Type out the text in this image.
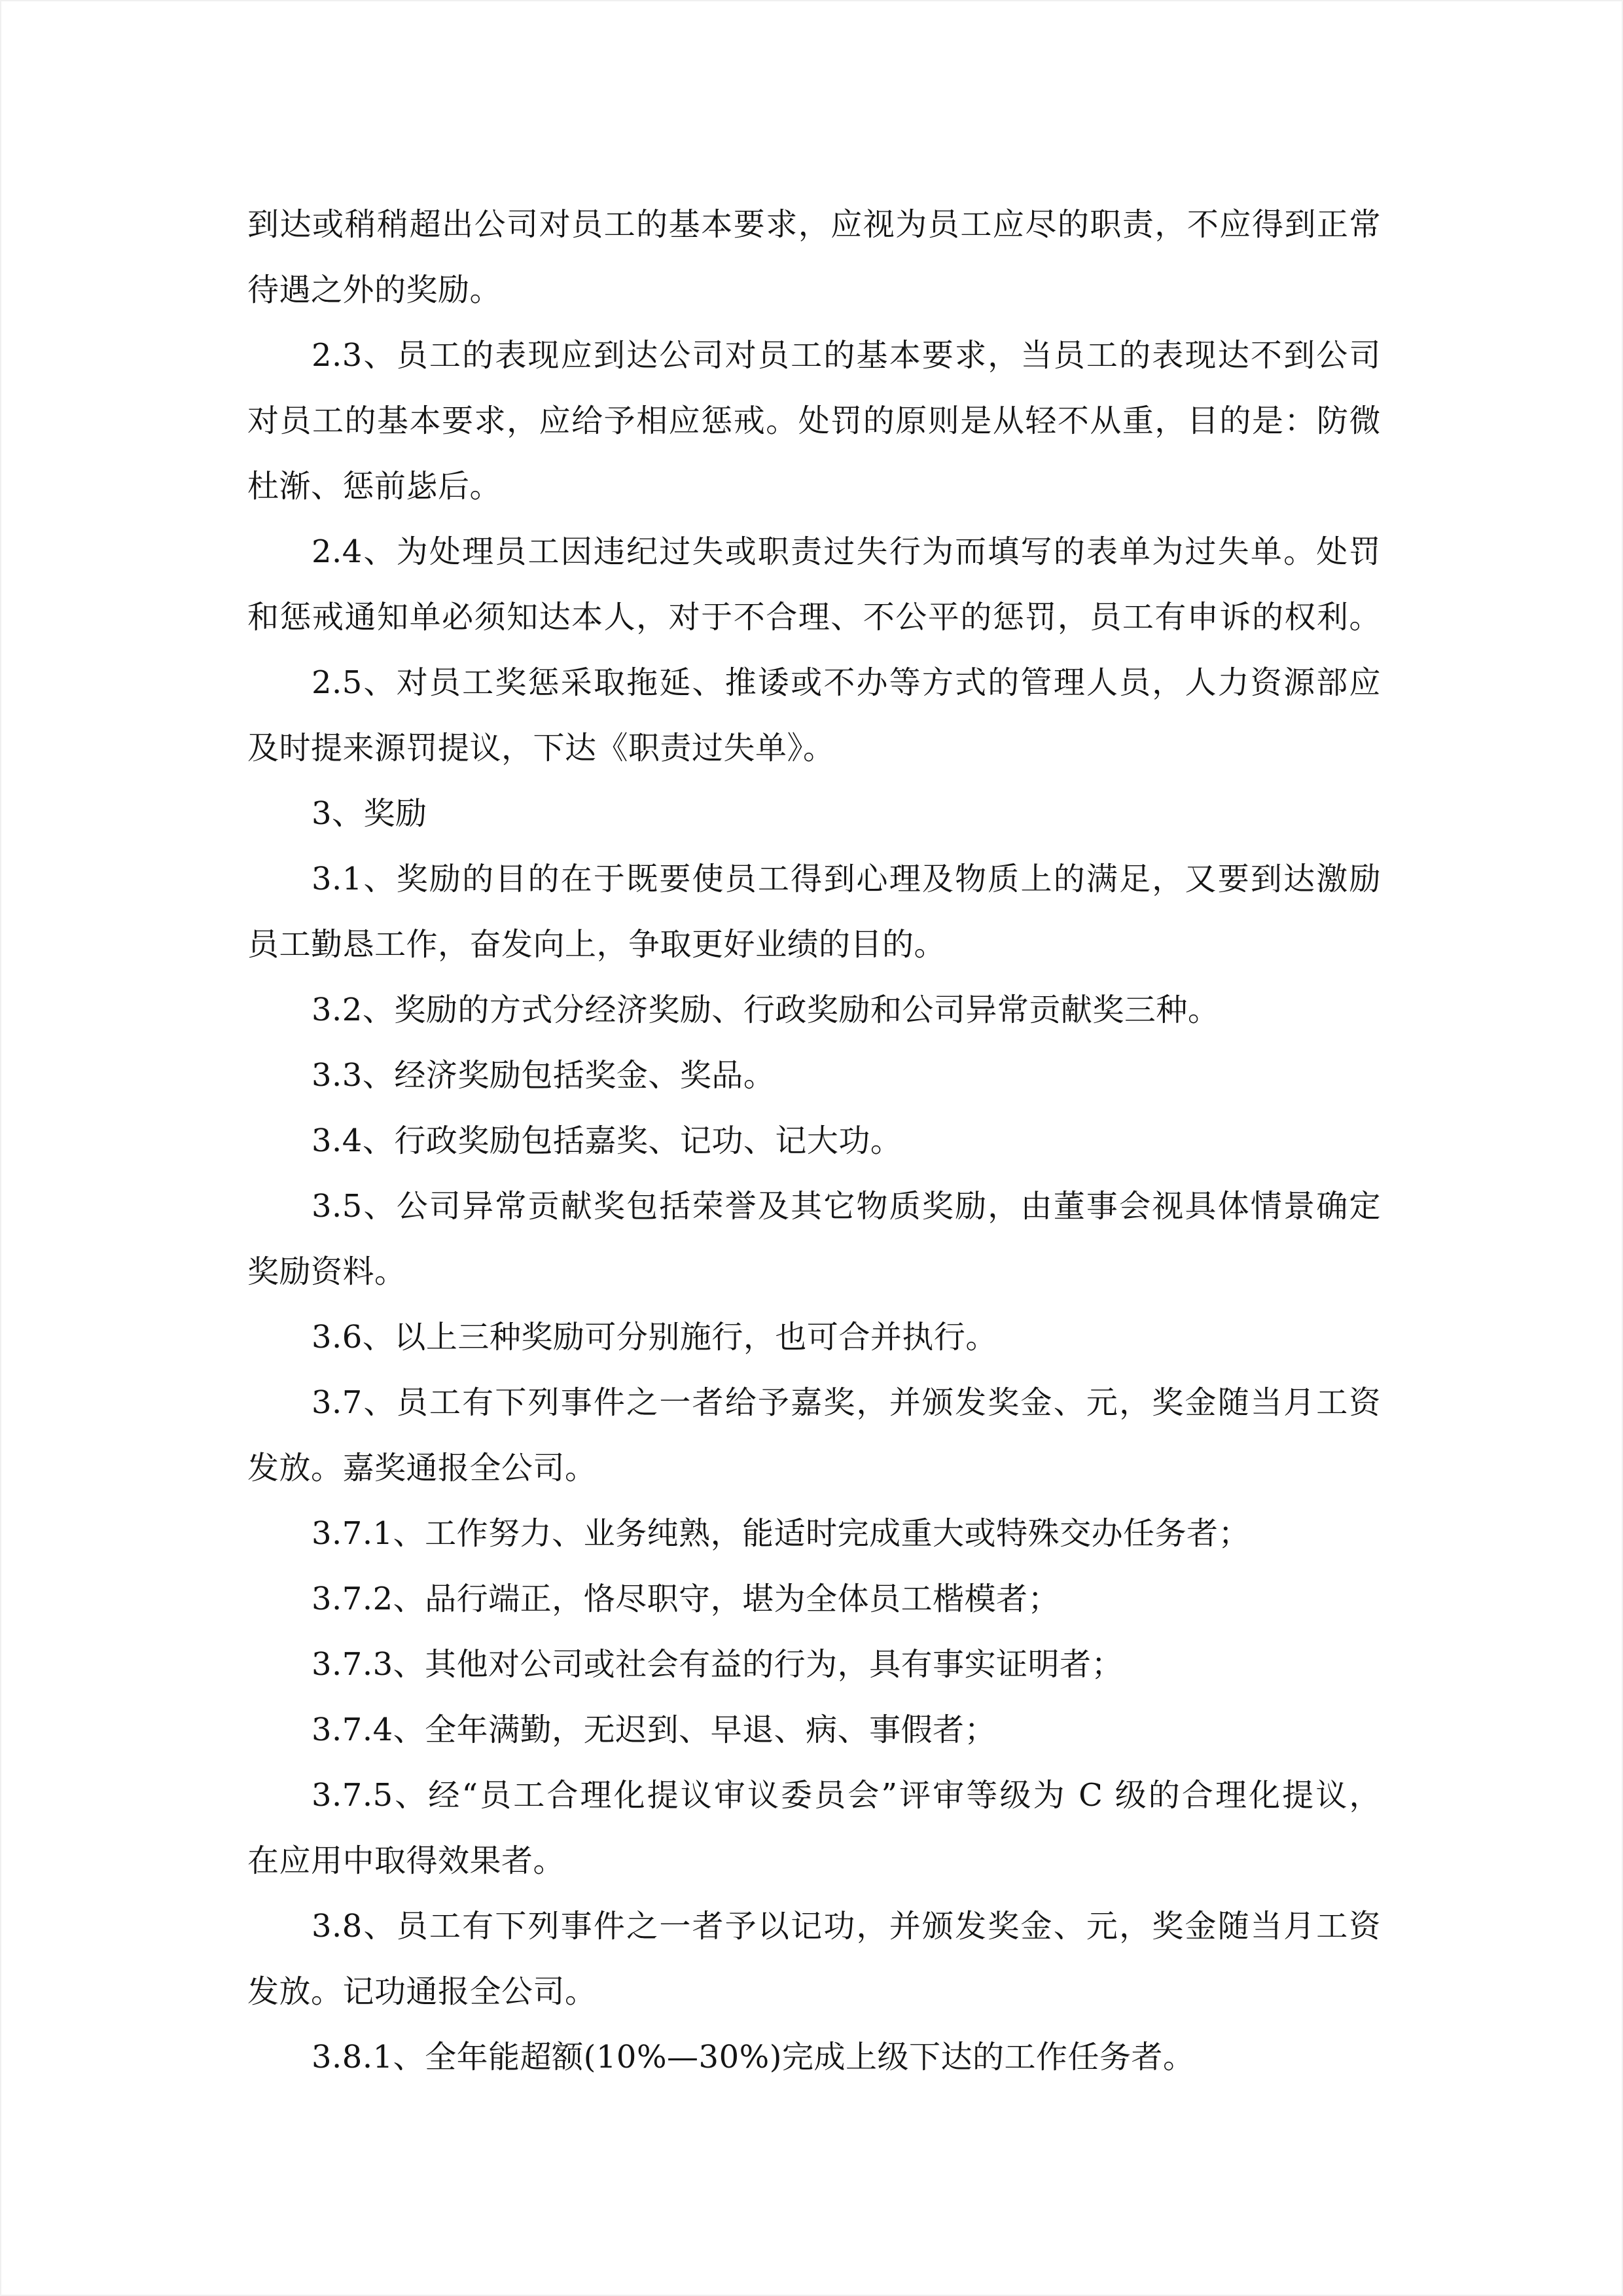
到达或稍稍超出公司对员工的基本要求，应视为员工应尽的职责，不应得到正常
待遇之外的奖励。
2.3、员工的表现应到达公司对员工的基本要求，当员工的表现达不到公司
对员工的基本要求，应给予相应惩戒。处罚的原则是从轻不从重，目的是：防微
杜渐、惩前毖后。
2.4、为处理员工因违纪过失或职责过失行为而填写的表单为过失单。处罚
和惩戒通知单必须知达本人，对于不合理、不公平的惩罚，员工有申诉的权利。
2.5、对员工奖惩采取拖延、推诿或不办等方式的管理人员，人力资源部应
及时提来源罚提议，下达《职责过失单》。
3、奖励
3.1、奖励的目的在于既要使员工得到心理及物质上的满足，又要到达激励
员工勤恳工作，奋发向上，争取更好业绩的目的。
3.2、奖励的方式分经济奖励、行政奖励和公司异常贡献奖三种。
3.3、经济奖励包括奖金、奖品。
3.4、行政奖励包括嘉奖、记功、记大功。
3.5、公司异常贡献奖包括荣誉及其它物质奖励，由董事会视具体情景确定
奖励资料。
3.6、以上三种奖励可分别施行，也可合并执行。
3.7、员工有下列事件之一者给予嘉奖，并颁发奖金、元，奖金随当月工资
发放。嘉奖通报全公司。
3.7.1、工作努力、业务纯熟，能适时完成重大或特殊交办任务者；
3.7.2、品行端正，恪尽职守，堪为全体员工楷模者；
3.7.3、其他对公司或社会有益的行为，具有事实证明者；
3.7.4、全年满勤，无迟到、早退、病、事假者；
3.7.5、经“员工合理化提议审议委员会”评审等级为 C 级的合理化提议，
在应用中取得效果者。
3.8、员工有下列事件之一者予以记功，并颁发奖金、元，奖金随当月工资
发放。记功通报全公司。
3.8.1、全年能超额(10%—30%)完成上级下达的工作任务者。
